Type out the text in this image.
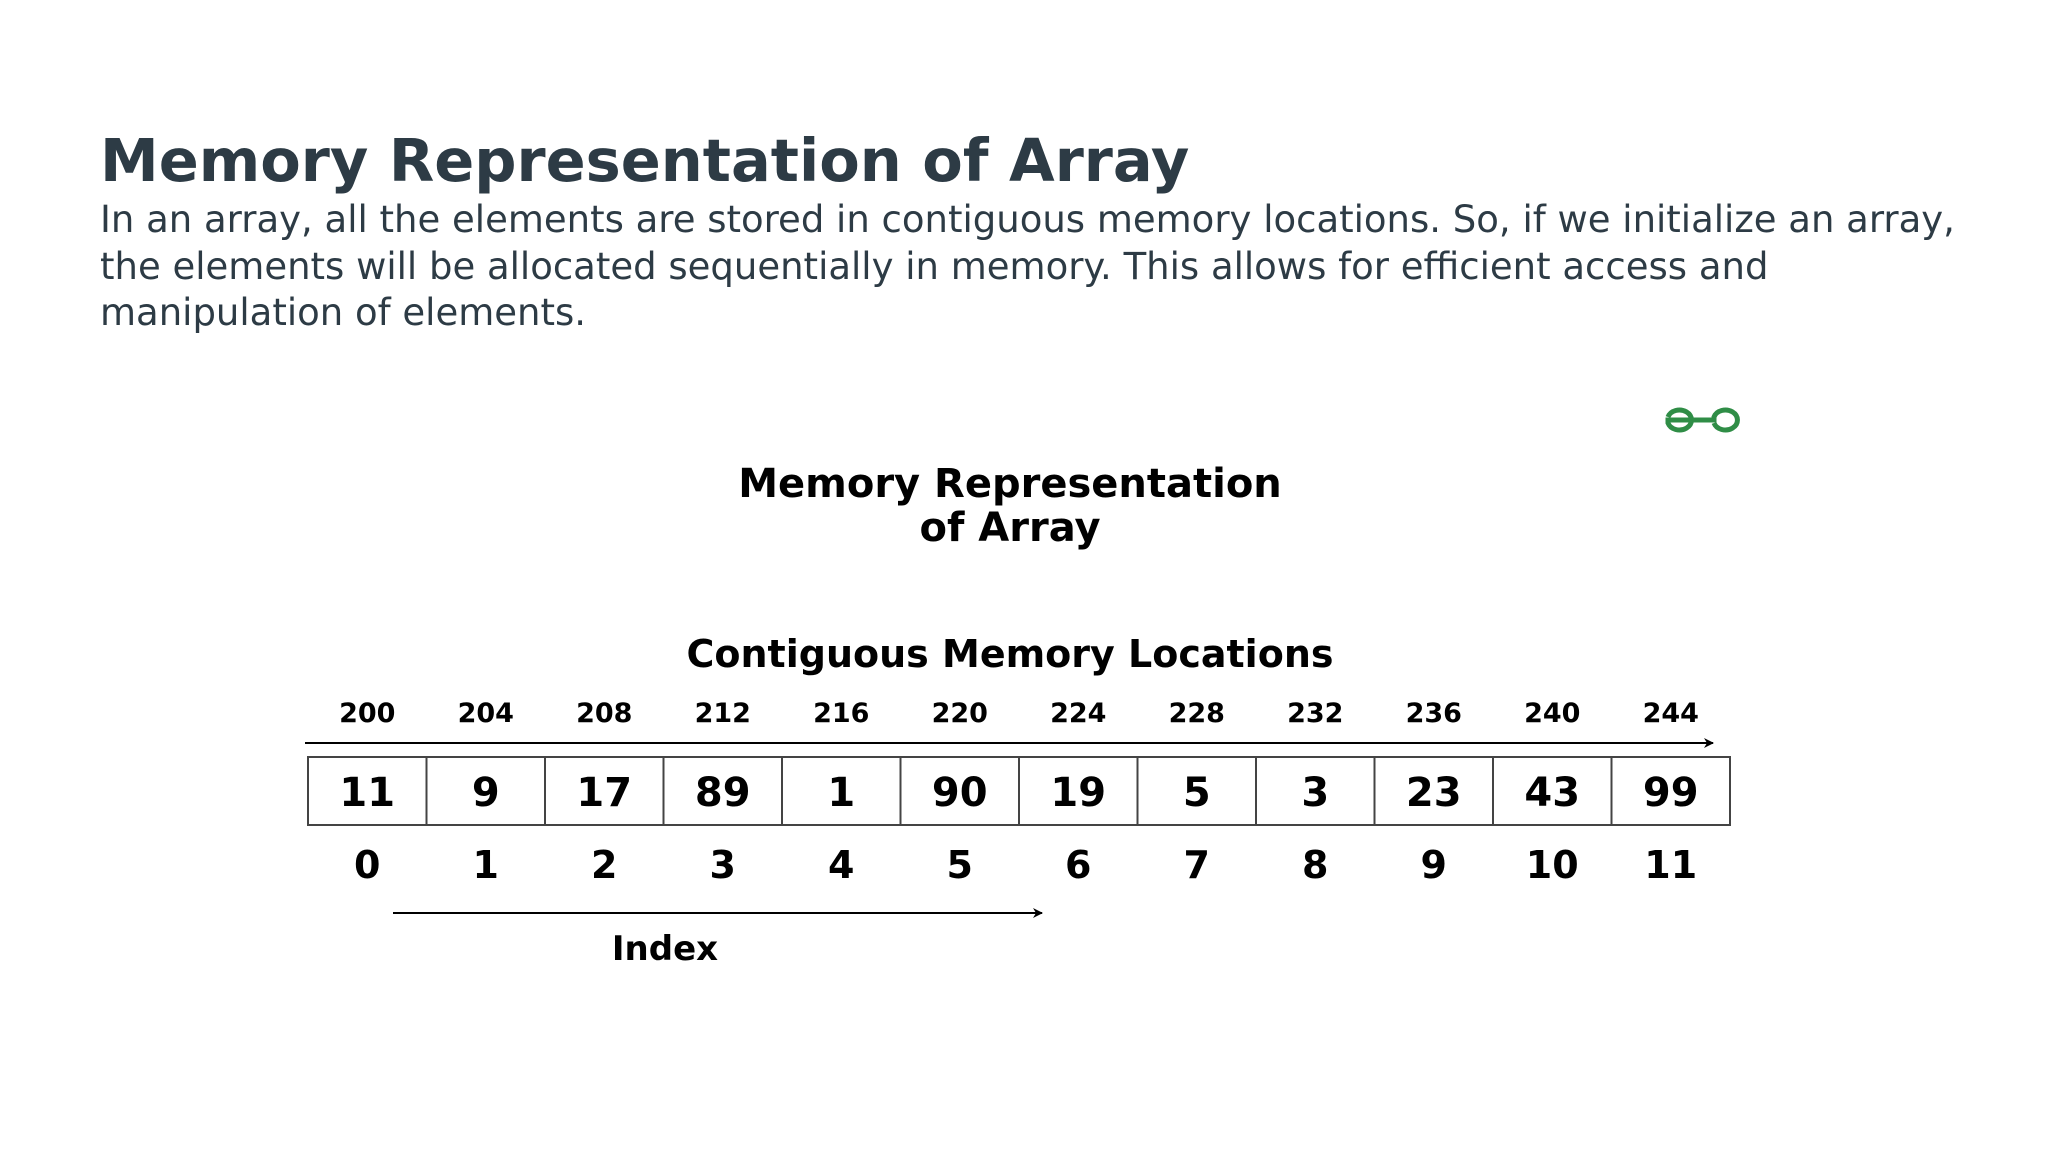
Memory Representation of Array

In an array, all the elements are stored in contiguous memory locations. So, if we initialize an array, the elements will be allocated sequentially in memory. This allows for efficient access and manipulation of elements.

Memory Representation
of Array
Contiguous Memory Locations
200 204 208 212 216 220 224 228 232 236 240 244
11 9 17 89 1 90 19 5 3 23 43 99
0 1 2 3 4 5 6 7 8 9 10 11
Index
